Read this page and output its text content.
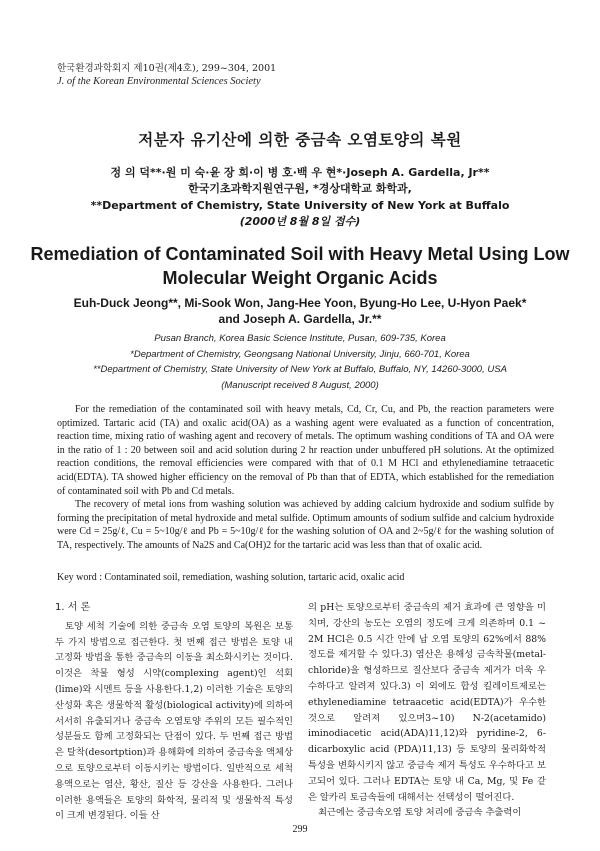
한국환경과학회지 제10권(제4호), 299~304, 2001
J. of the Korean Environmental Sciences Society
저분자 유기산에 의한 중금속 오염토양의 복원
정 의 덕**·원 미 숙·윤 장 희·이 병 호·백 우 현*·Joseph A. Gardella, Jr**
한국기초과학지원연구원, *경상대학교 화학과,
**Department of Chemistry, State University of New York at Buffalo
(2000년 8월 8일 접수)
Remediation of Contaminated Soil with Heavy Metal Using Low
Molecular Weight Organic Acids
Euh-Duck Jeong**, Mi-Sook Won, Jang-Hee Yoon, Byung-Ho Lee, U-Hyon Paek*
and Joseph A. Gardella, Jr.**
Pusan Branch, Korea Basic Science Institute, Pusan, 609-735, Korea
*Department of Chemistry, Geongsang National University, Jinju, 660-701, Korea
**Department of Chemistry, State University of New York at Buffalo, Buffalo, NY, 14260-3000, USA
(Manuscript received 8 August, 2000)

For the remediation of the contaminated soil with heavy metals, Cd, Cr, Cu, and Pb, the reaction parameters were optimized. Tartaric acid (TA) and oxalic acid(OA) as a washing agent were evaluated as a function of concentration, reaction time, mixing ratio of washing agent and recovery of metals. The optimum washing conditions of TA and OA were in the ratio of 1 : 20 between soil and acid solution during 2 hr reaction under unbuffered pH solutions. At the optimized reaction conditions, the removal efficiencies were compared with that of 0.1 M HCl and ethylenediamine tetraacetic acid(EDTA). TA showed higher efficiency on the removal of Pb than that of EDTA, which established for the remediation of contaminated soil with Pb and Cd metals.

The recovery of metal ions from washing solution was achieved by adding calcium hydroxide and sodium sulfide by forming the precipitation of metal hydroxide and metal sulfide. Optimum amounts of sodium sulfide and calcium hydroxide were Cd = 25g/ℓ, Cu = 5~10g/ℓ and Pb = 5~10g/ℓ for the washing solution of OA and 2~5g/ℓ for the washing solution of TA, respectively. The amounts of Na2S and Ca(OH)2 for the tartaric acid was less than that of oxalic acid.

Key word : Contaminated soil, remediation, washing solution, tartaric acid, oxalic acid
1. 서 론

토양 세척 기술에 의한 중금속 오염 토양의 복원은 보통 두 가지 방법으로 접근한다. 첫 번째 접근 방법은 토양 내 고정화 방법을 통한 중금속의 이동을 최소화시키는 것이다. 이것은 착물 형성 시약(complexing agent)인 석회(lime)와 시멘트 등을 사용한다.1,2) 이러한 기술은 토양의 산성화 혹은 생물학적 활성(biological activity)에 의하여 서서히 유출되거나 중금속 오염토양 주위의 모든 필수적인 성분들도 함께 고정화되는 단점이 있다. 두 번째 접근 방법은 탈착(desortption)과 용해화에 의하여 중금속을 액체상으로 토양으로부터 이동시키는 방법이다. 일반적으로 세척용액으로는 염산, 황산, 질산 등 강산을 사용한다. 그러나 이러한 용액들은 토양의 화학적, 물리적 및 생물학적 특성이 크게 변경된다. 이들 산

의 pH는 토양으로부터 중금속의 제거 효과에 큰 영향을 미치며, 강산의 농도는 오염의 정도에 크게 의존하며 0.1 ~ 2M HCl은 0.5 시간 안에 납 오염 토양의 62%에서 88%정도를 제거할 수 있다.3) 염산은 용해성 금속착물(metal-chloride)을 형성하므로 질산보다 중금속 제거가 더욱 우수하다고 알려져 있다.3) 이 외에도 합성 킬레이트제로는 ethylenediamine tetraacetic acid(EDTA)가 우수한 것으로 알려져 있으며3~10) N-2(acetamido) iminodiacetic acid(ADA)11,12)와 pyridine-2, 6-dicarboxylic acid (PDA)11,13) 등 토양의 물리화학적 특성을 변화시키지 않고 중금속 제거 특성도 우수하다고 보고되어 있다. 그러나 EDTA는 토양 내 Ca, Mg, 및 Fe 같은 알카리 토금속들에 대해서는 선택성이 떨어진다.

최근에는 중금속오염 토양 처리에 중금속 추출력이

299
